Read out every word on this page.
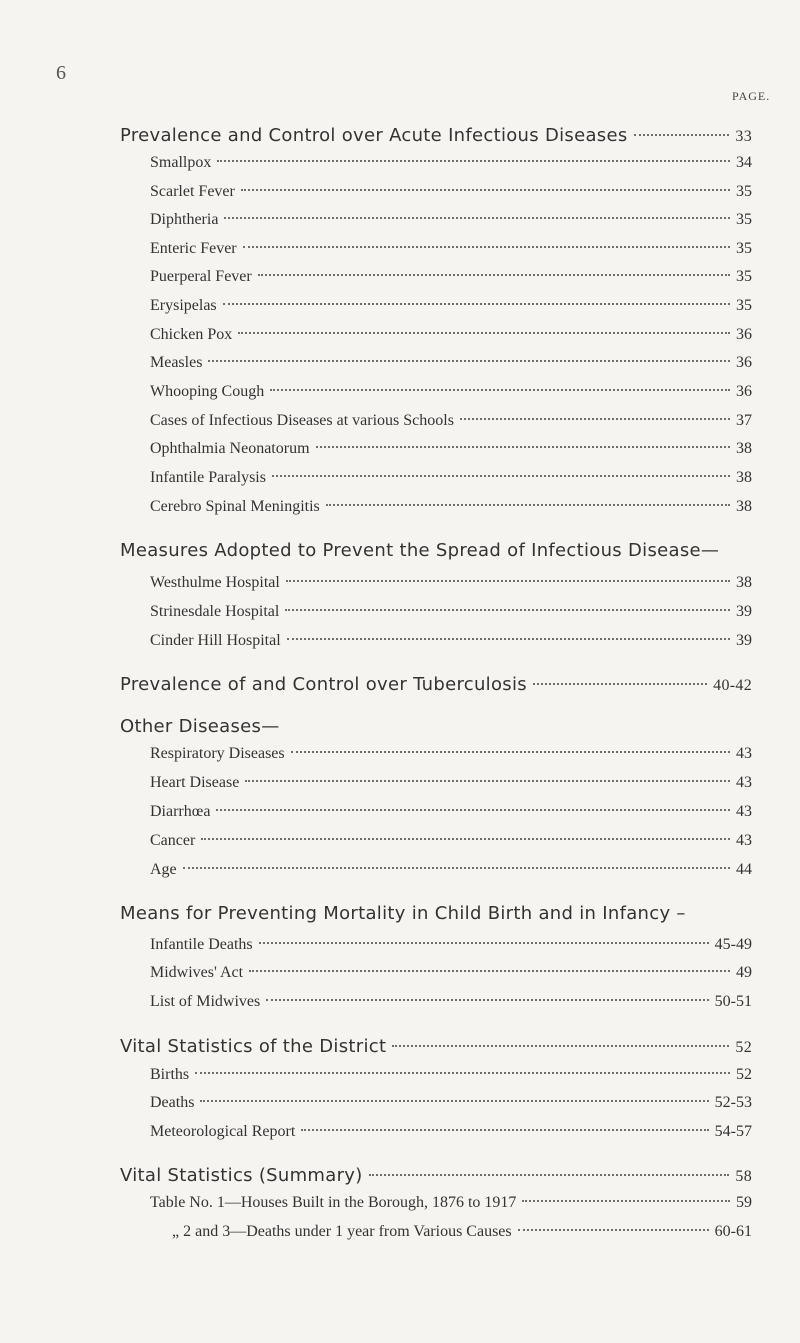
6
PAGE.
Prevalence and Control over Acute Infectious Diseases	33
Smallpox	34
Scarlet Fever	35
Diphtheria	35
Enteric Fever	35
Puerperal Fever	35
Erysipelas	35
Chicken Pox	36
Measles	36
Whooping Cough	36
Cases of Infectious Diseases at various Schools	37
Ophthalmia Neonatorum	38
Infantile Paralysis	38
Cerebro Spinal Meningitis	38
Measures Adopted to Prevent the Spread of Infectious Disease—
Westhulme Hospital	38
Strinesdale Hospital	39
Cinder Hill Hospital	39
Prevalence of and Control over Tuberculosis	40-42
Other Diseases—
Respiratory Diseases	43
Heart Disease	43
Diarrhœa	43
Cancer	43
Age	44
Means for Preventing Mortality in Child Birth and in Infancy –
Infantile Deaths	45-49
Midwives' Act	49
List of Midwives	50-51
Vital Statistics of the District	52
Births	52
Deaths	52-53
Meteorological Report	54-57
Vital Statistics (Summary)	58
Table No. 1—Houses Built in the Borough, 1876 to 1917	59
„ 2 and 3—Deaths under 1 year from Various Causes	60-61
